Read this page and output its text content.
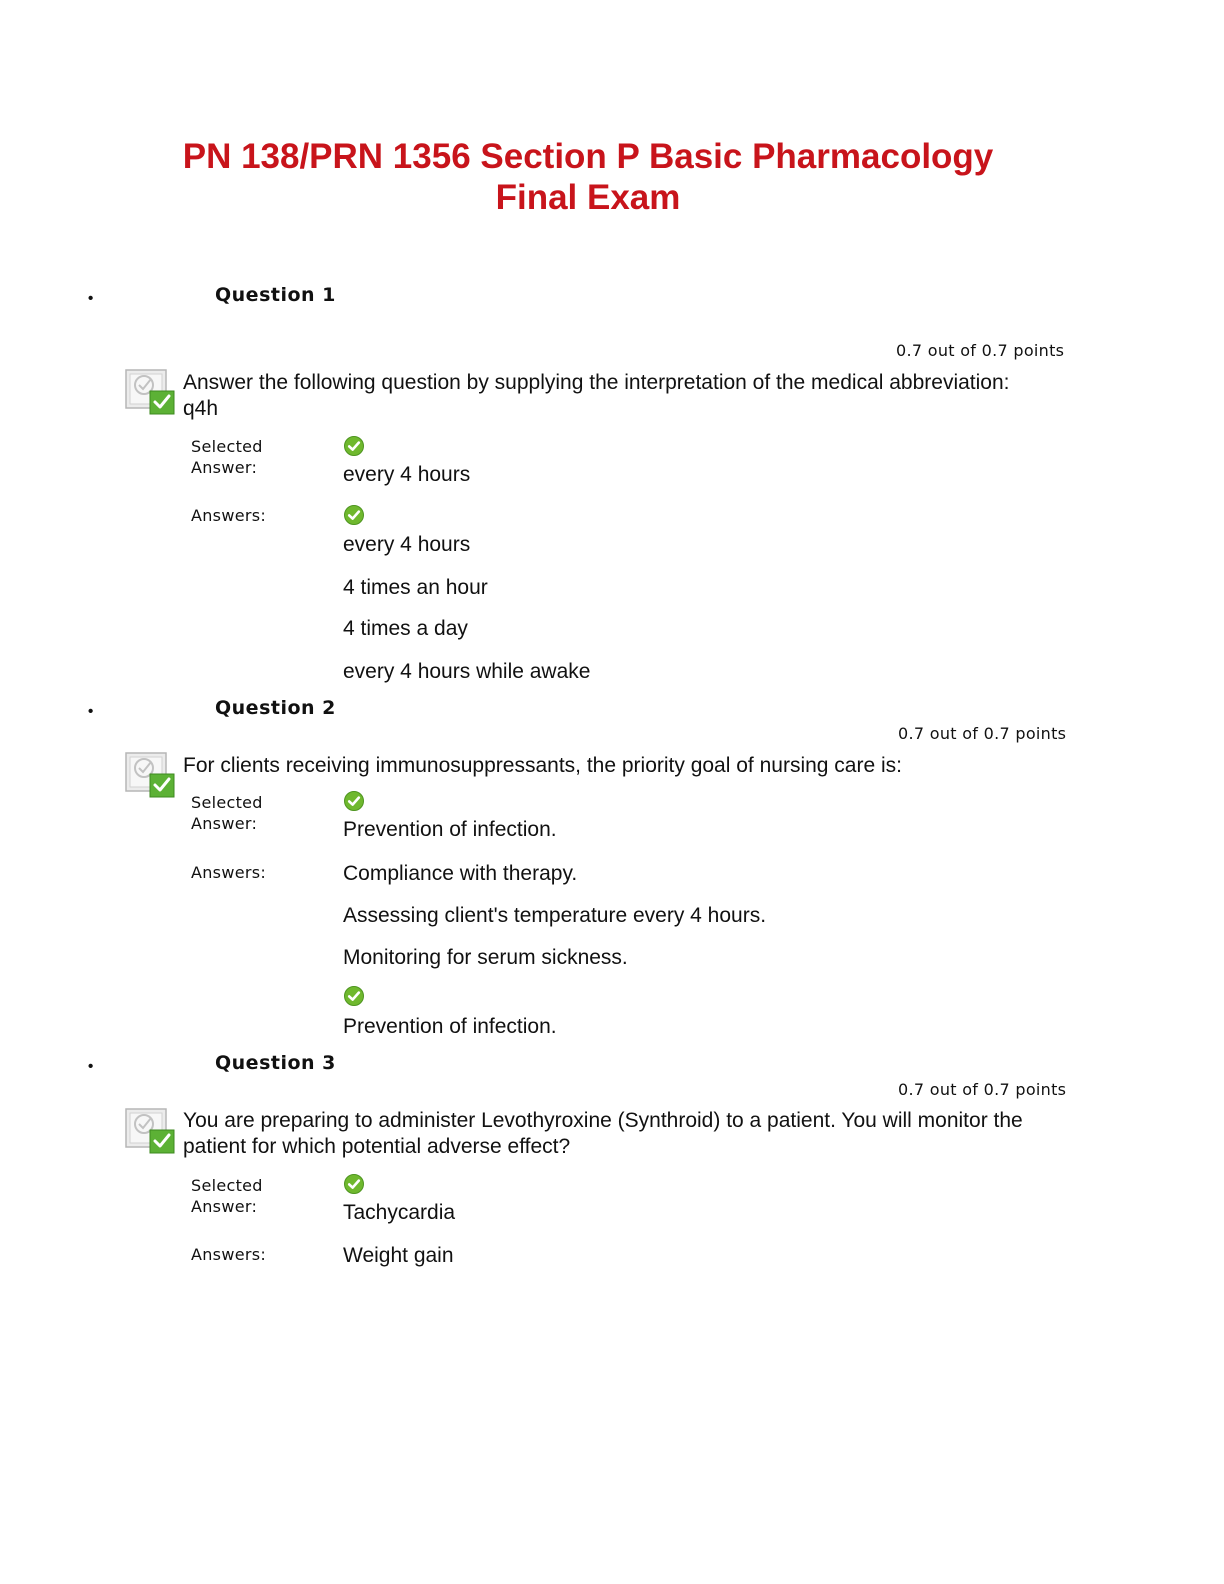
PN 138/PRN 1356 Section P Basic Pharmacology
Final Exam
•	Question 1
0.7 out of 0.7 points
Answer the following question by supplying the interpretation of the medical abbreviation: q4h
Selected
Answer:	every 4 hours
Answers:
every 4 hours
4 times an hour
4 times a day
every 4 hours while awake
•	Question 2
0.7 out of 0.7 points
For clients receiving immunosuppressants, the priority goal of nursing care is:
Selected
Answer:	Prevention of infection.
Answers:	Compliance with therapy.
Assessing client's temperature every 4 hours.
Monitoring for serum sickness.
Prevention of infection.
•	Question 3
0.7 out of 0.7 points
You are preparing to administer Levothyroxine (Synthroid) to a patient. You will monitor the patient for which potential adverse effect?
Selected
Answer:	Tachycardia
Answers:	Weight gain
